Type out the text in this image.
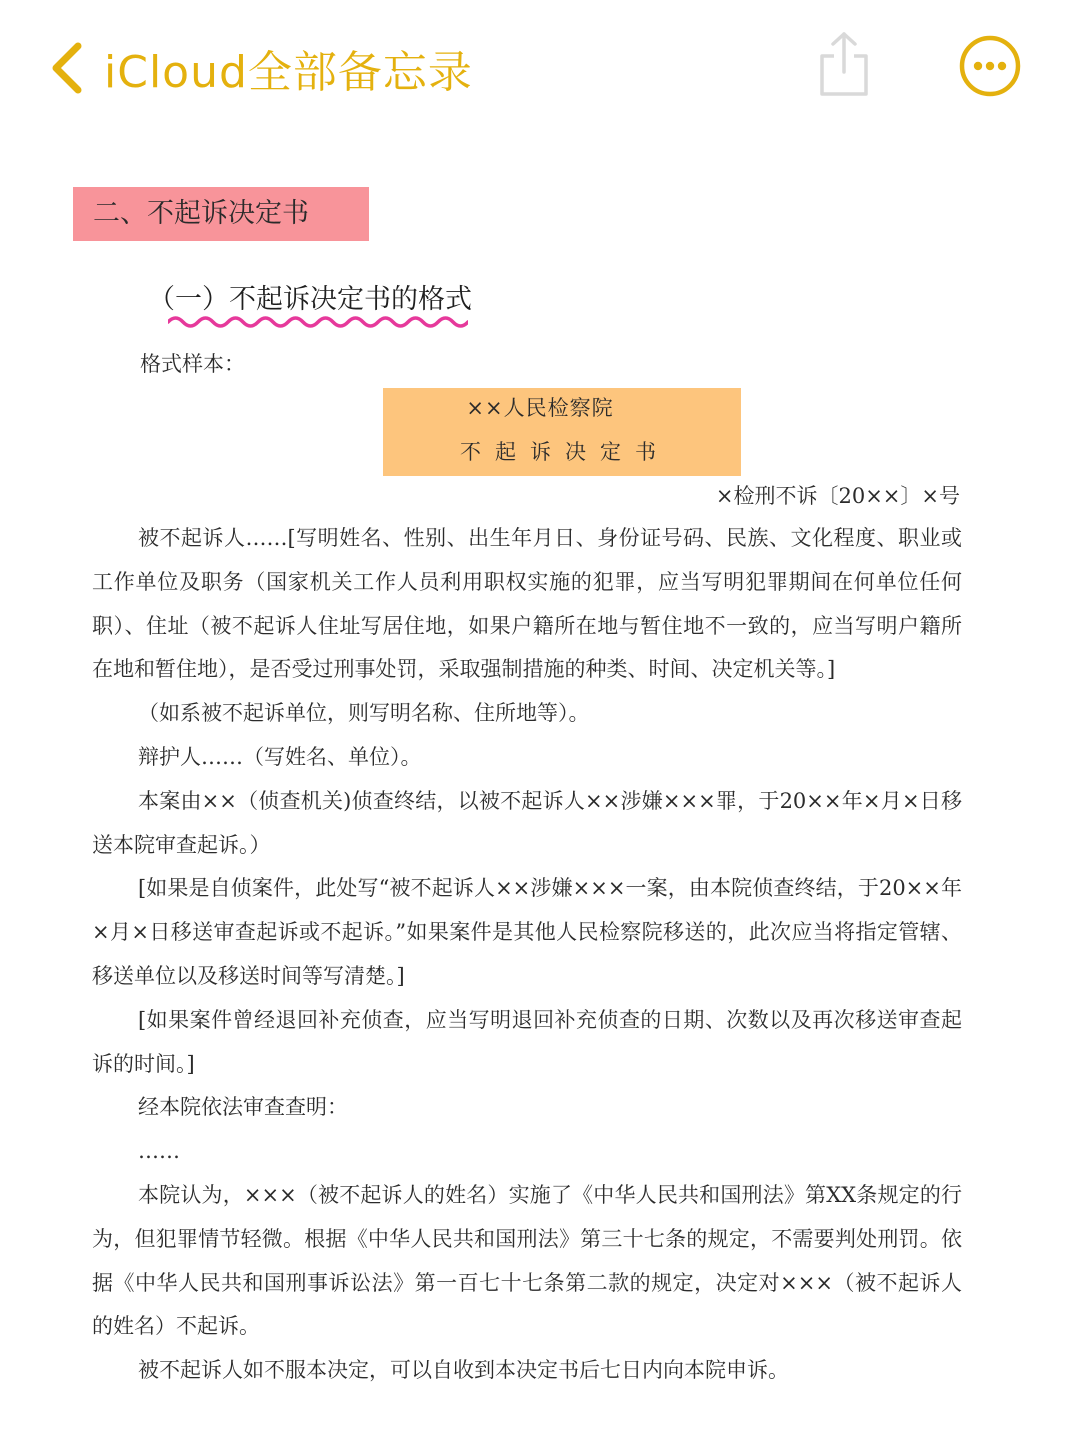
iCloud全部备忘录
二、不起诉决定书
（一）不起诉决定书的格式
格式样本：
××人民检察院
不起诉决定书
×检刑不诉〔20××〕×号

被不起诉人……[写明姓名、性别、出生年月日、身份证号码、民族、文化程度、职业或工作单位及职务（国家机关工作人员利用职权实施的犯罪，应当写明犯罪期间在何单位任何职）、住址（被不起诉人住址写居住地，如果户籍所在地与暂住地不一致的，应当写明户籍所在地和暂住地），是否受过刑事处罚，采取强制措施的种类、时间、决定机关等。]

（如系被不起诉单位，则写明名称、住所地等）。

辩护人……（写姓名、单位）。

本案由××（侦查机关)侦查终结，以被不起诉人××涉嫌×××罪，于20××年×月×日移送本院审查起诉。）

[如果是自侦案件，此处写“被不起诉人××涉嫌×××一案，由本院侦查终结，于20××年×月×日移送审查起诉或不起诉。”如果案件是其他人民检察院移送的，此次应当将指定管辖、移送单位以及移送时间等写清楚。]

[如果案件曾经退回补充侦查，应当写明退回补充侦查的日期、次数以及再次移送审查起诉的时间。]

经本院依法审查查明：

……

本院认为，×××（被不起诉人的姓名）实施了《中华人民共和国刑法》第XX条规定的行为，但犯罪情节轻微。根据《中华人民共和国刑法》第三十七条的规定，不需要判处刑罚。依据《中华人民共和国刑事诉讼法》第一百七十七条第二款的规定，决定对×××（被不起诉人的姓名）不起诉。

被不起诉人如不服本决定，可以自收到本决定书后七日内向本院申诉。
